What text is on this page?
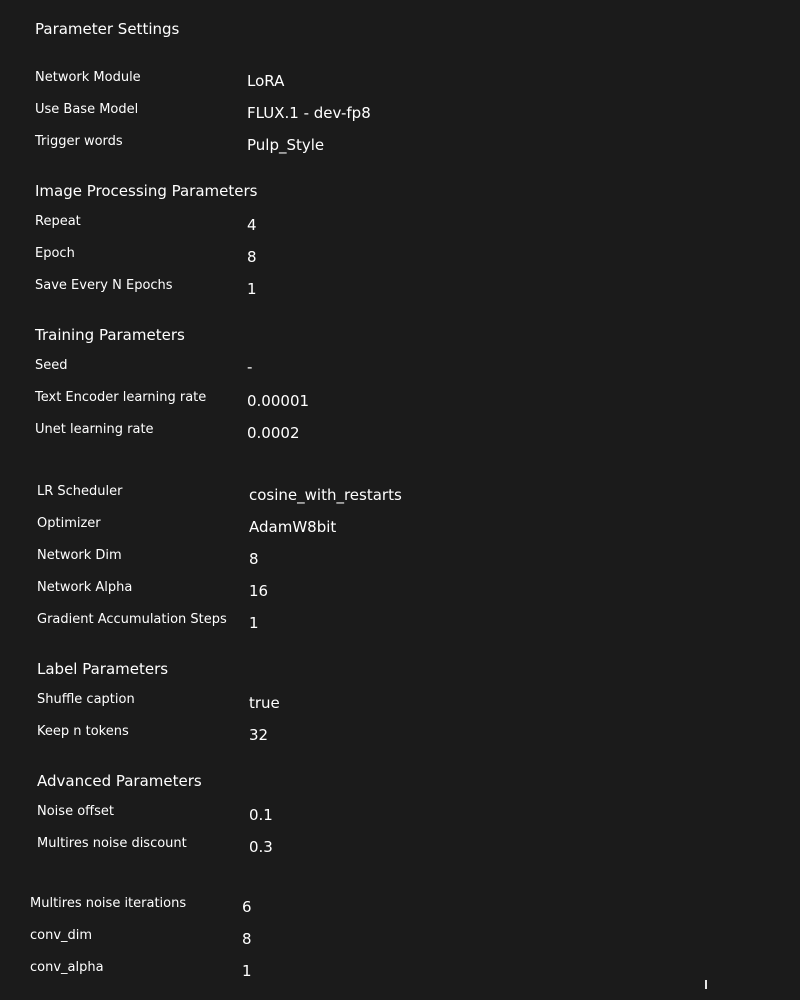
Parameter Settings
Network Module	LoRA
Use Base Model	FLUX.1 - dev-fp8
Trigger words	Pulp_Style
Image Processing Parameters
Repeat	4
Epoch	8
Save Every N Epochs	1
Training Parameters
Seed	-
Text Encoder learning rate	0.00001
Unet learning rate	0.0002
LR Scheduler	cosine_with_restarts
Optimizer	AdamW8bit
Network Dim	8
Network Alpha	16
Gradient Accumulation Steps 1
Label Parameters
Shuffle caption	true
Keep n tokens	32
Advanced Parameters
Noise offset	0.1
Multires noise discount	0.3
Multires noise iterations	6
conv_dim	8
conv_alpha	1
